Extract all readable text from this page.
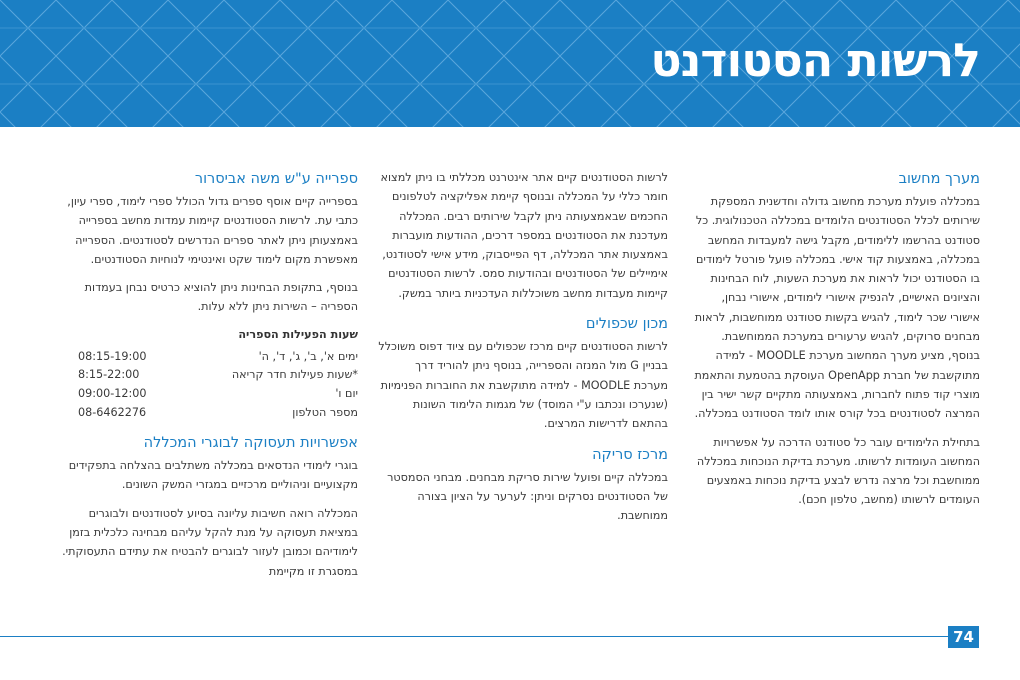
לרשות הסטודנט
מערך מחשוב

במכללה פועלת מערכת מחשוב גדולה וחדשנית המספקת שירותים לכלל הסטודנטים הלומדים במכללה הטכנולוגית. כל סטודנט בהרשמו ללימודים, מקבל גישה למעבדות המחשב במכללה, באמצעות קוד אישי. במכללה פועל פורטל לימודים בו הסטודנט יכול לראות את מערכת השעות, לוח הבחינות והציונים האישיים, להנפיק אישורי לימודים, אישורי נבחן, אישורי שכר לימוד, להגיש בקשות סטודנט ממוחשבות, לראות מבחנים סרוקים, להגיש ערעורים במערכת הממוחשבת. בנוסף, מציע מערך המחשוב מערכת MOODLE - למידה מתוקשבת של חברת OpenApp העוסקת בהטמעת והתאמת מוצרי קוד פתוח לחברות, באמצעותה מתקיים קשר ישיר בין המרצה לסטודנטים בכל קורס אותו לומד הסטודנט במכללה.

בתחילת הלימודים עובר כל סטודנט הדרכה על אפשרויות המחשוב העומדות לרשותו. מערכת בדיקת הנוכחות במכללה ממוחשבת וכל מרצה נדרש לבצע בדיקת נוכחות באמצעים העומדים לרשותו (מחשב, טלפון חכם).

לרשות הסטודנטים קיים אתר אינטרנט מכללתי בו ניתן למצוא חומר כללי על המכללה ובנוסף קיימת אפליקציה לטלפונים החכמים שבאמצעותה ניתן לקבל שירותים רבים. המכללה מעדכנת את הסטודנטים במספר דרכים, ההודעות מועברות באמצעות אתר המכללה, דף הפייסבוק, מידע אישי לסטודנט, אימיילים של הסטודנטים ובהודעות סמס. לרשות הסטודנטים קיימות מעבדות מחשב משוכללות העדכניות ביותר במשק.

מכון שכפולים

לרשות הסטודנטים קיים מרכז שכפולים עם ציוד דפוס משוכלל בבניין G מול המנזה והספרייה, בנוסף ניתן להוריד דרך מערכת MOODLE - למידה מתוקשבת את החוברות הפנימיות (שנערכו ונכתבו ע"י המוסד) של מגמות הלימוד השונות בהתאם לדרישות המרצים.

מרכז סריקה

במכללה קיים ופועל שירות סריקת מבחנים. מבחני הסמסטר של הסטודנטים נסרקים וניתן: לערער על הציון בצורה ממוחשבת.

ספרייה ע"ש משה אביסרור

בספרייה קיים אוסף ספרים גדול הכולל ספרי לימוד, ספרי עיון, כתבי עת. לרשות הסטודנטים קיימות עמדות מחשב בספרייה באמצעותן ניתן לאתר ספרים הנדרשים לסטודנטים. הספרייה מאפשרת מקום לימוד שקט ואינטימי לנוחיות הסטודנטים.

בנוסף, בתקופת הבחינות ניתן להוציא כרטיס נבחן בעמדות הספריה – השירות ניתן ללא עלות.

שעות הפעילות הספריה
ימים א', ב', ג', ד', ה'
08:15-19:00
*שעות פעילות חדר קריאה
8:15-22:00
יום ו'
09:00-12:00
מספר הטלפון
08-6462276
אפשרויות תעסוקה לבוגרי המכללה

בוגרי לימודי הנדסאים במכללה משתלבים בהצלחה בתפקידים מקצועיים וניהוליים מרכזיים במגזרי המשק השונים.

המכללה רואה חשיבות עליונה בסיוע לסטודנטים ולבוגרים במציאת תעסוקה על מנת להקל עליהם מבחינה כלכלית בזמן לימודיהם וכמובן לעזור לבוגרים להבטיח את עתידם התעסוקתי. במסגרת זו מקיימת

74
